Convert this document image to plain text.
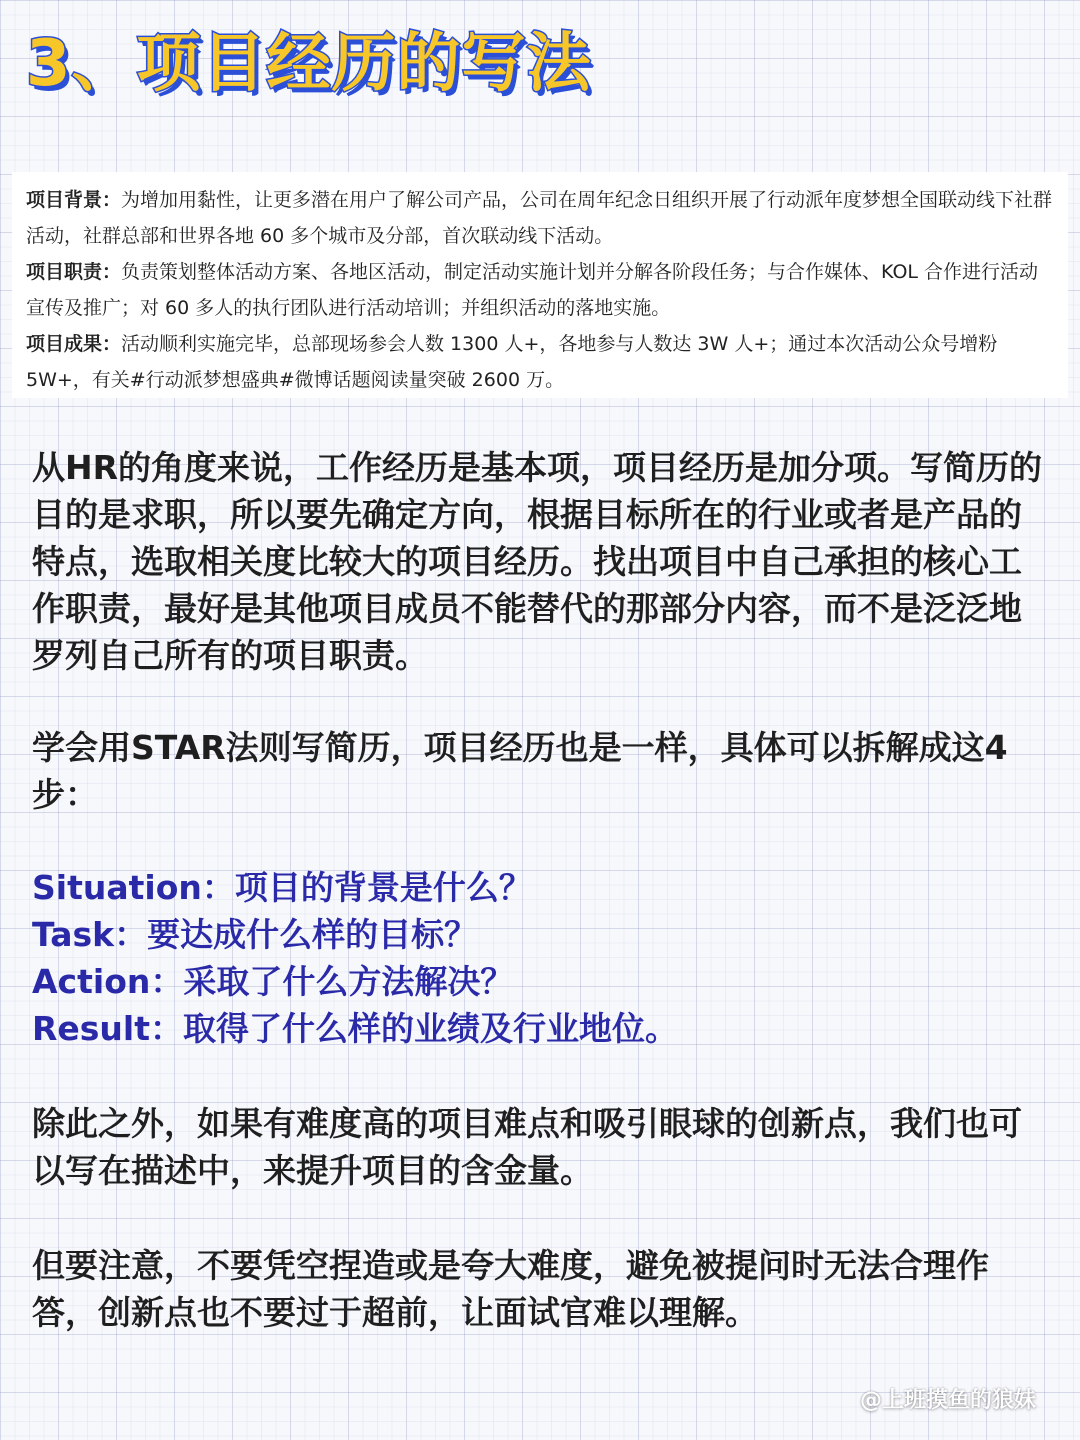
3、项目经历的写法

项目背景：为增加用黏性，让更多潜在用户了解公司产品，公司在周年纪念日组织开展了行动派年度梦想全国联动线下社群活动，社群总部和世界各地 60 多个城市及分部，首次联动线下活动。

项目职责：负责策划整体活动方案、各地区活动，制定活动实施计划并分解各阶段任务；与合作媒体、KOL 合作进行活动宣传及推广；对 60 多人的执行团队进行活动培训；并组织活动的落地实施。

项目成果：活动顺利实施完毕，总部现场参会人数 1300 人+，各地参与人数达 3W 人+；通过本次活动公众号增粉 5W+，有关#行动派梦想盛典#微博话题阅读量突破 2600 万。

从HR的角度来说，工作经历是基本项，项目经历是加分项。写简历的目的是求职，所以要先确定方向，根据目标所在的行业或者是产品的特点，选取相关度比较大的项目经历。找出项目中自己承担的核心工作职责，最好是其他项目成员不能替代的那部分内容，而不是泛泛地罗列自己所有的项目职责。

学会用STAR法则写简历，项目经历也是一样，具体可以拆解成这4步：

Situation：项目的背景是什么？
Task：要达成什么样的目标？
Action：采取了什么方法解决？
Result：取得了什么样的业绩及行业地位。

除此之外，如果有难度高的项目难点和吸引眼球的创新点，我们也可以写在描述中，来提升项目的含金量。

但要注意，不要凭空捏造或是夸大难度，避免被提问时无法合理作答，创新点也不要过于超前，让面试官难以理解。

@上班摸鱼的狼妹
